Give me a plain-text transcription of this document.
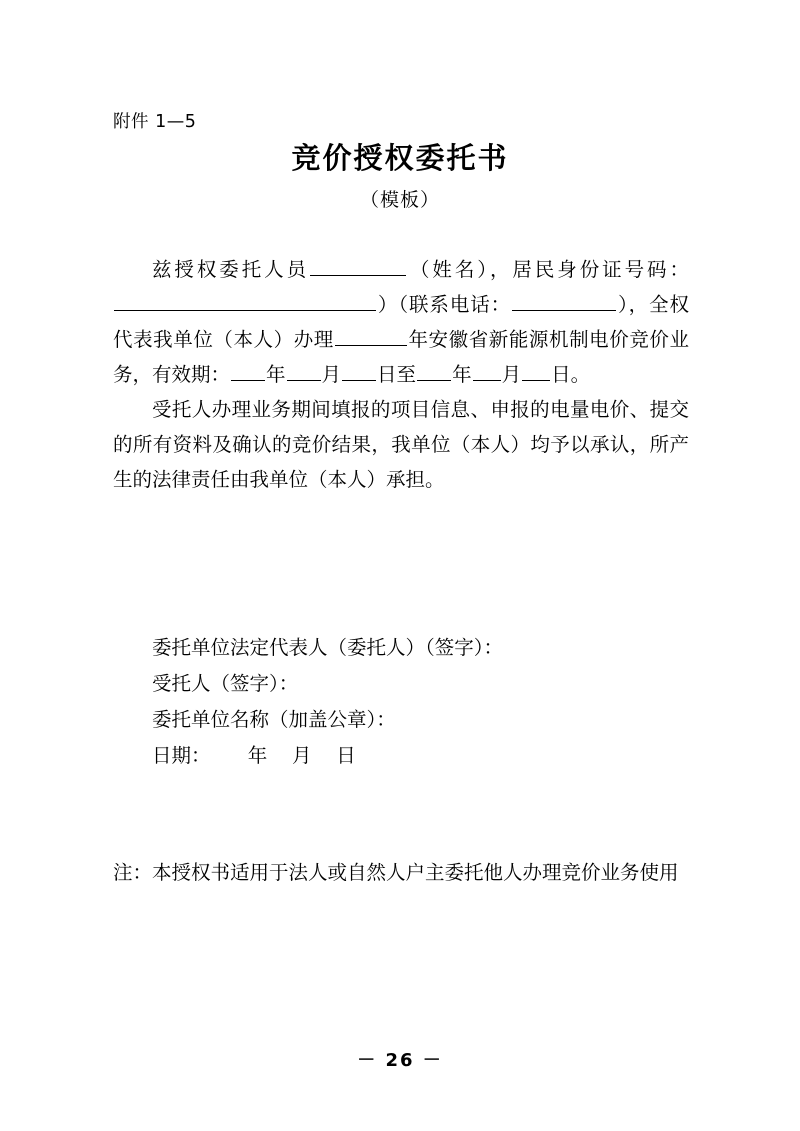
附件 1—5
竞价授权委托书
（模板）

兹授权委托人员	（姓名），居民身份证号码：）（联系电话：	），全权代表我单位（本人）办理	年安徽省新能源机制电价竞价业务，有效期： 年 月 日至 年 月 日。

受托人办理业务期间填报的项目信息、申报的电量电价、提交的所有资料及确认的竞价结果，我单位（本人）均予以承认，所产生的法律责任由我单位（本人）承担。

委托单位法定代表人（委托人）（签字）：
受托人（签字）：
委托单位名称（加盖公章）：
日期：      年    月    日
注：本授权书适用于法人或自然人户主委托他人办理竞价业务使用
－ 26 －
